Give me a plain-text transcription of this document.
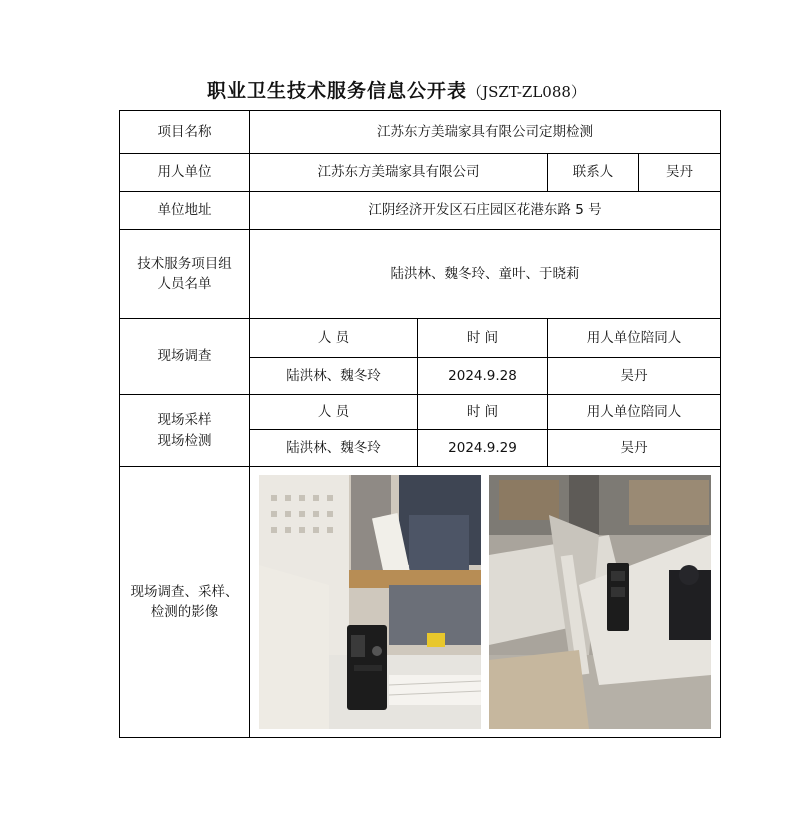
职业卫生技术服务信息公开表（JSZT-ZL088）
项目名称	江苏东方美瑞家具有限公司定期检测			
用人单位	江苏东方美瑞家具有限公司		联系人	吴丹
单位地址	江阴经济开发区石庄园区花港东路 5 号			

技术服务项目组
人员名单	陆洪林、魏冬玲、童叶、于晓莉			
现场调查	人 员	时 间	用人单位陪同人	
	陆洪林、魏冬玲	2024.9.28	吴丹	

现场采样
现场检测	人 员	时 间	用人单位陪同人	
	陆洪林、魏冬玲	2024.9.29	吴丹	

现场调查、采样、
检测的影像
